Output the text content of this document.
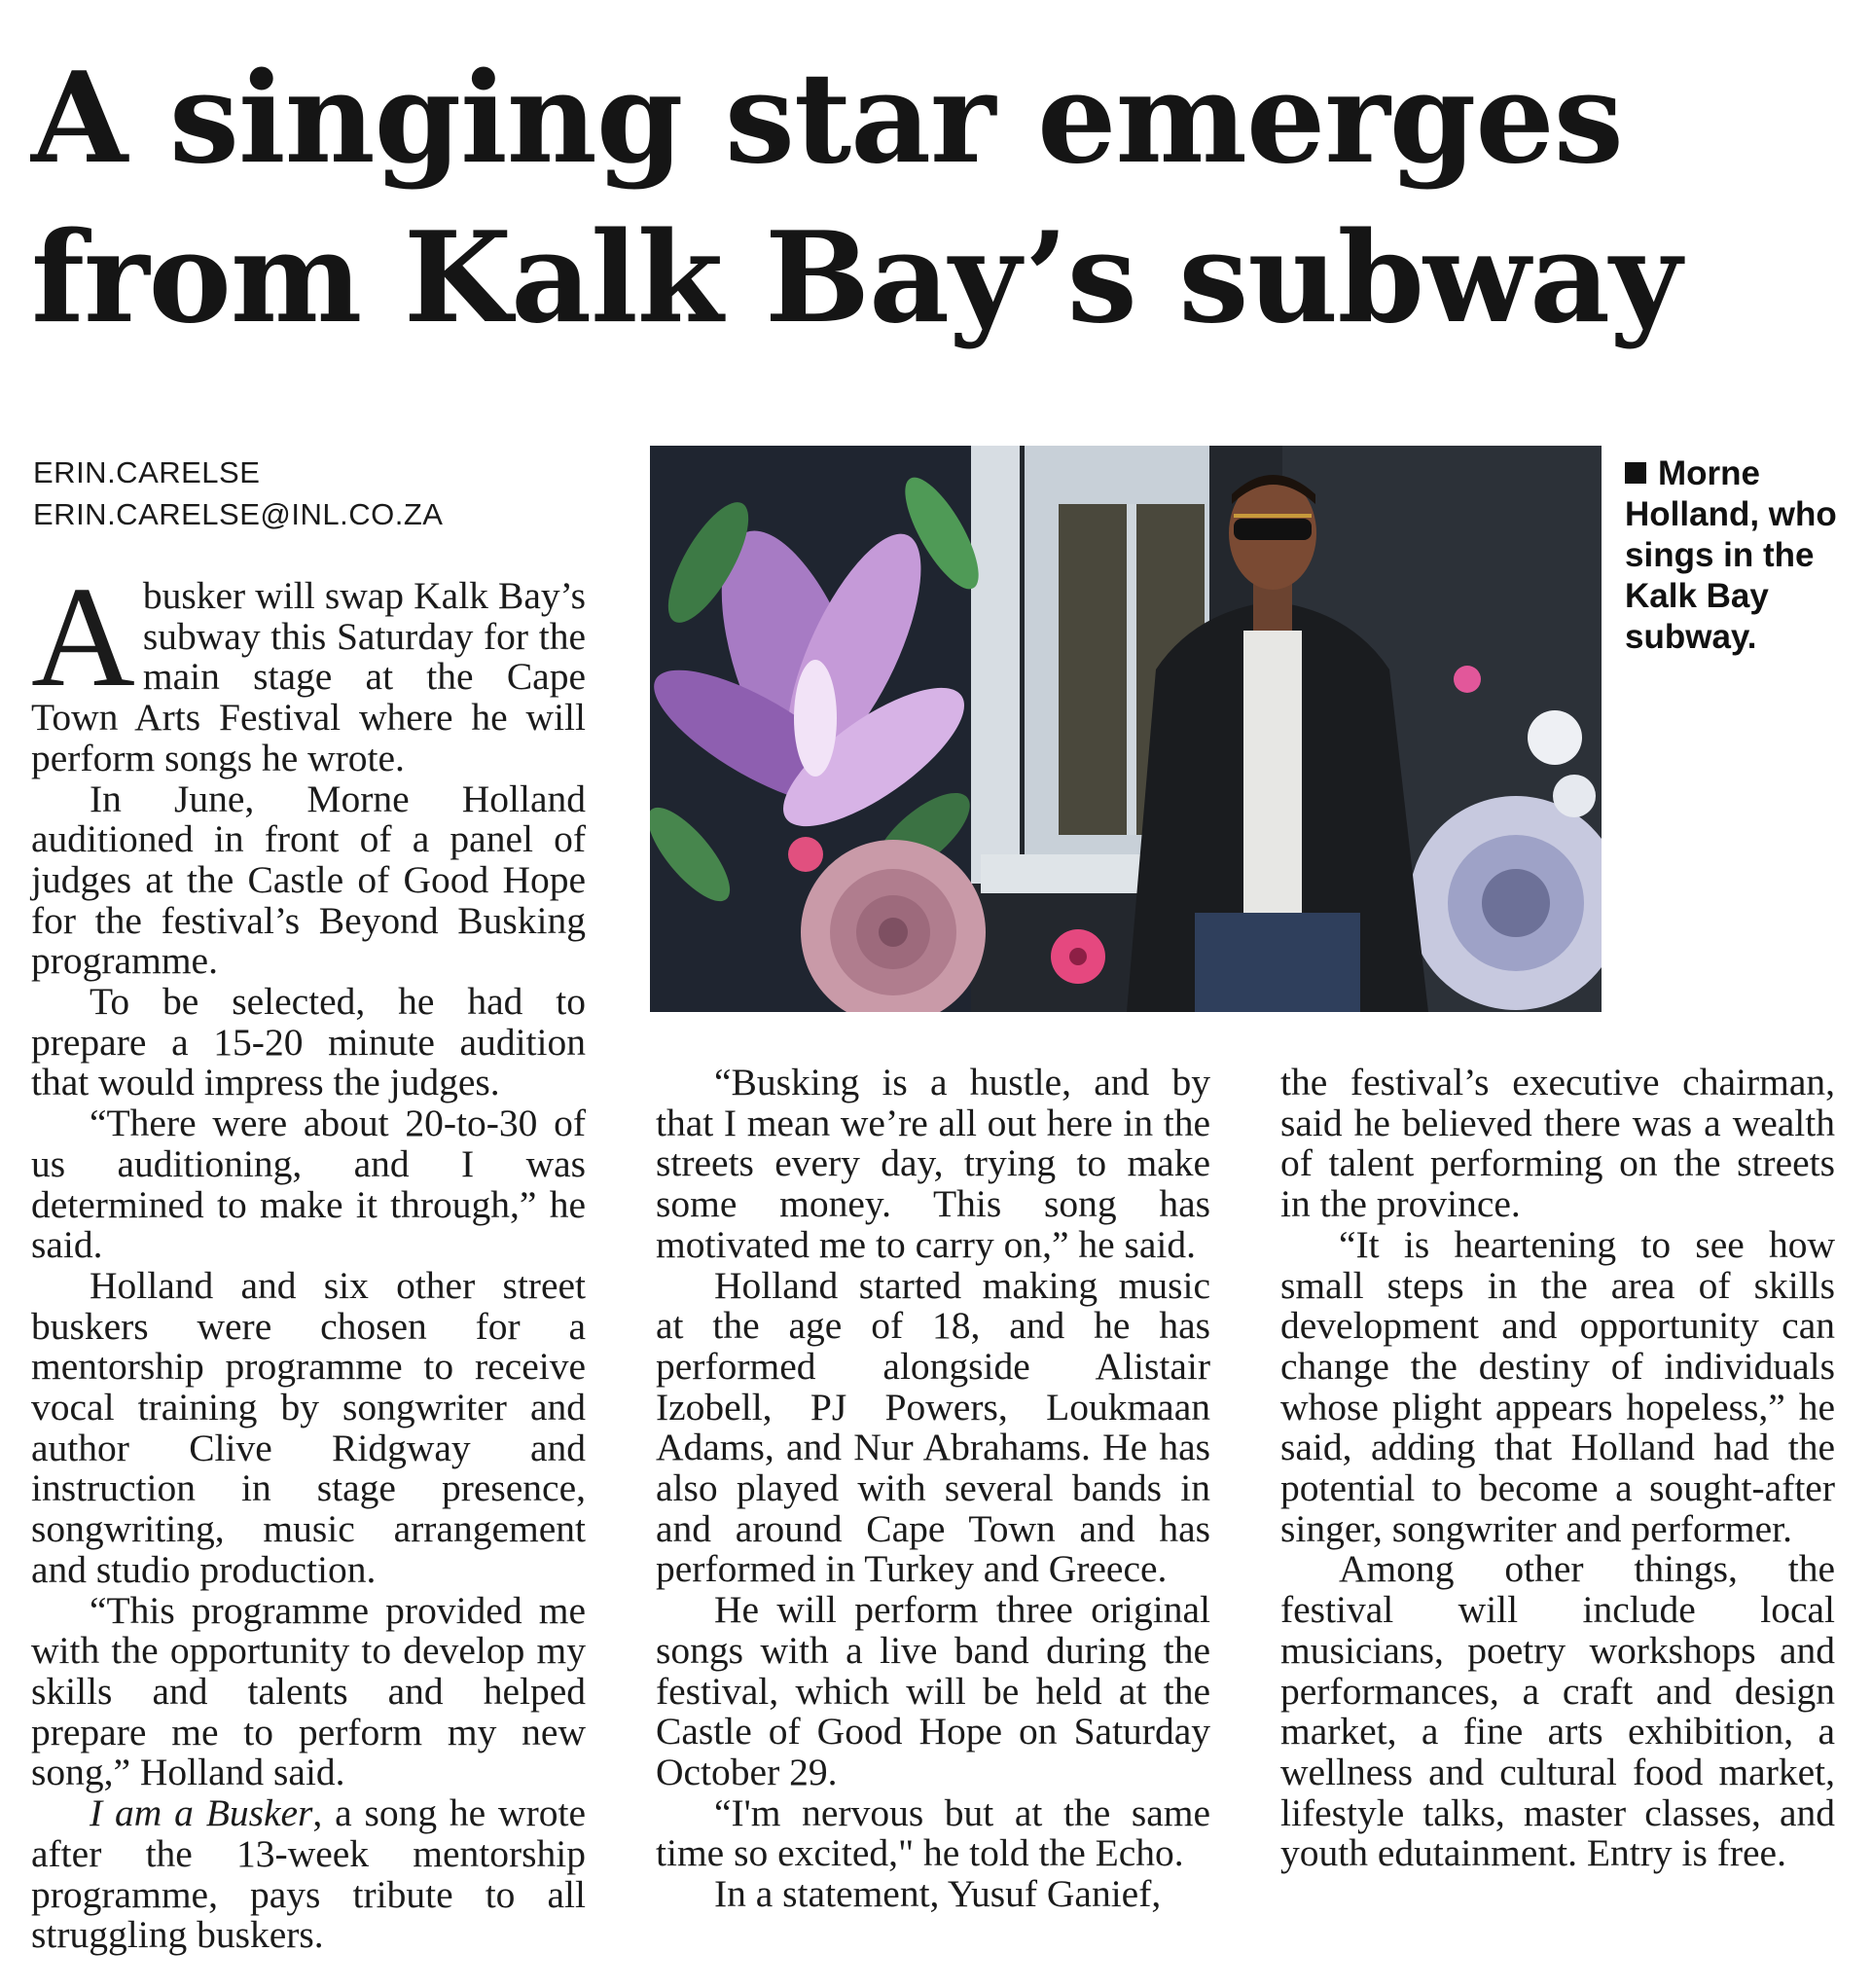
A singing star emerges
from Kalk Bay’s subway
ERIN.CARELSE
ERIN.CARELSE@INL.CO.ZA
Morne Holland, who sings in the Kalk Bay subway.

Abusker will swap Kalk Bay’s subway this Saturday for the main stage at the Cape Town Arts Festival where he will perform songs he wrote.

In June, Morne Holland auditioned in front of a panel of judges at the Castle of Good Hope for the festival’s Beyond Busking programme.

To be selected, he had to prepare a 15-20 minute audition that would impress the judges.

“There were about 20-to-30 of us auditioning, and I was determined to make it through,” he said.

Holland and six other street buskers were chosen for a mentorship programme to receive vocal training by songwriter and author Clive Ridgway and instruction in stage presence, songwriting, music arrangement and studio production.

“This programme provided me with the opportunity to develop my skills and talents and helped prepare me to perform my new song,” Holland said.

I am a Busker, a song he wrote after the 13-week mentorship programme, pays tribute to all struggling buskers.

“Busking is a hustle, and by that I mean we’re all out here in the streets every day, trying to make some money. This song has motivated me to carry on,” he said.

Holland started making music at the age of 18, and he has performed alongside Alistair Izobell, PJ Powers, Loukmaan Adams, and Nur Abrahams. He has also played with several bands in and around Cape Town and has performed in Turkey and Greece.

He will perform three original songs with a live band during the festival, which will be held at the Castle of Good Hope on Saturday October 29.

“I'm nervous but at the same time so excited," he told the Echo.

In a statement, Yusuf Ganief,

the festival’s executive chairman, said he believed there was a wealth of talent performing on the streets in the province.

“It is heartening to see how small steps in the area of skills development and opportunity can change the destiny of individuals whose plight appears hopeless,” he said, adding that Holland had the potential to become a sought-after singer, songwriter and performer.

Among other things, the festival will include local musicians, poetry workshops and performances, a craft and design market, a fine arts exhibition, a wellness and cultural food market, lifestyle talks, master classes, and youth edutainment. Entry is free.
